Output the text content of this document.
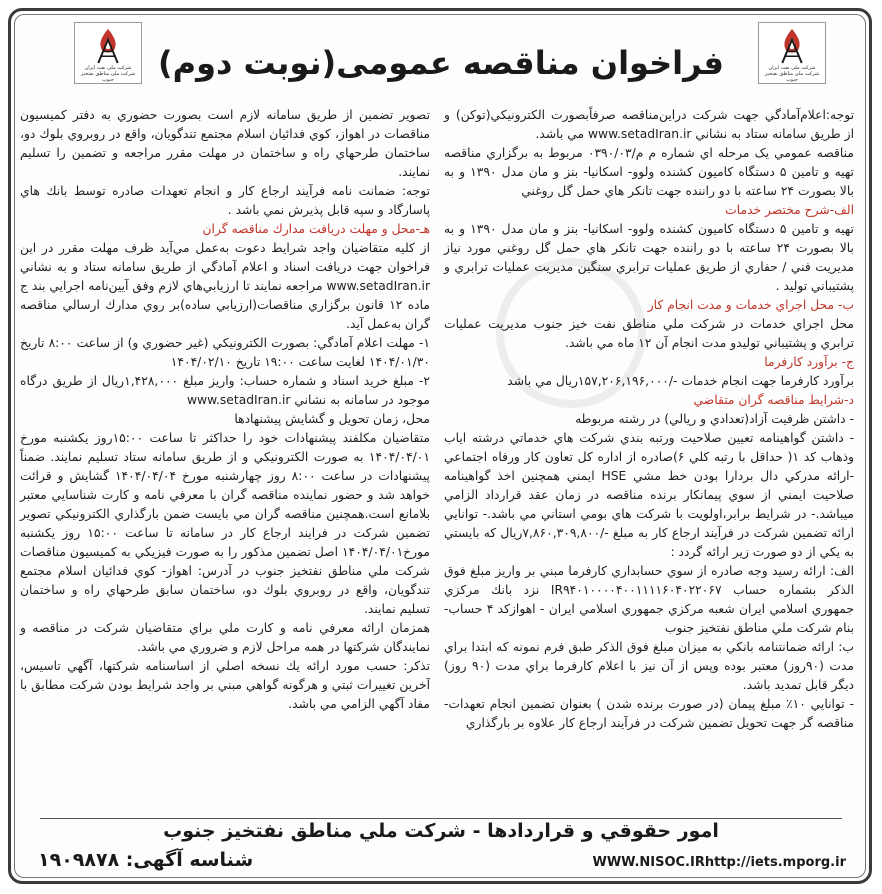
شرکت ملی نفت ایران
شرکت ملی مناطق نفتخیز جنوب
شرکت ملی نفت ایران
شرکت ملی مناطق نفتخیز جنوب	فراخوان مناقصه عمومی(نوبت دوم)

توجه:اعلام‌آمادگي جهت شركت در‌اين‌مناقصه صرفاًبصورت الكترونيكي(توكن) و از طريق سامانه ستاد به نشاني www.setadIran.ir مي باشد.

مناقصه عمومي يک مرحله اي شماره م م/۰۳۹۰/۰۳ مربوط به برگزاري مناقصه تهيه و تامين ۵ دستگاه كاميون كشنده ولوو- اسكانيا- بنز و مان مدل ۱۳۹۰ و به بالا بصورت ۲۴ ساعته با دو راننده جهت تانكر هاي حمل گل روغني

الف-شرح مختصر خدمات

تهيه و تامين ۵ دستگاه كاميون كشنده ولوو- اسكانيا- بنز و مان مدل ۱۳۹۰ و به بالا بصورت ۲۴ ساعته با دو راننده جهت تانكر هاي حمل گل روغني مورد نياز مديريت فني / حفاري از طريق عمليات ترابري سنگين مديريت عمليات ترابري و پشتيباني توليد .

ب- محل اجراي خدمات و مدت انجام كار

محل اجراي خدمات در شركت ملي مناطق نفت خيز جنوب مديريت عمليات ترابري و پشتيباني توليدو مدت انجام آن ۱۲ ماه مي باشد.

ج- برآورد كارفرما

برآورد كارفرما جهت انجام خدمات -/۱۵۷,۲۰۶,۱۹۶,۰۰۰ريال مي باشد

د-شرايط مناقصه گران متقاضي

- داشتن ظرفيت آزاد(تعدادي و ريالي) در رشته مربوطه

- داشتن گواهينامه تعيين صلاحيت ورتبه بندي شركت هاي خدماتي درشته اياب وذهاب كد ۱( حداقل با رتبه كلي ۶)صادره از اداره كل تعاون كار ورفاه اجتماعي -ارائه مدركي دال بردارا بودن خط مشي HSE ايمني همچنين اخذ گواهينامه صلاحيت ايمني از سوي پيمانكار برنده مناقصه در زمان عقد قرارداد الزامي ميباشد.- در شرايط برابر،اولويت با شركت هاي بومي استاني مي باشد.- توانايي ارائه تضمين شركت در فرآيند ارجاع كار به مبلغ -/۷,۸۶۰,۳۰۹,۸۰۰ريال كه بايستي به يكي از دو صورت زير ارائه گردد :

الف: ارائه رسيد وجه صادره از سوي حسابداري كارفرما مبني بر واريز مبلغ فوق الذكر بشماره حساب IR۹۴۰۱۰۰۰۰۴۰۰۱۱۱۱۶۰۴۰۲۲۰۶۷ نزد بانك مركزي جمهوري اسلامي ايران شعبه مركزي جمهوري اسلامي ايران - اهوازكد ۴ حساب- بنام شركت ملي مناطق نفتخيز جنوب

ب: ارائه ضمانتنامه بانكي به ميزان مبلغ فوق الذكر طبق فرم نمونه كه ابتدا براي مدت (۹۰روز) معتبر بوده وپس از آن نيز با اعلام كارفرما براي مدت (۹۰ روز) ديگر قابل تمديد باشد.

- توانايي ۱۰٪ مبلغ پيمان (در صورت برنده شدن ) بعنوان تضمين انجام تعهدات- مناقصه گر جهت تحويل تضمين شركت در فرآيند ارجاع كار علاوه بر بارگذاري

تصوير تضمين از طريق سامانه لازم است بصورت حضوري به دفتر كميسيون مناقصات در اهواز، كوي فدائيان اسلام مجتمع تندگويان، واقع در روبروي بلوك دو، ساختمان طرحهاي راه و ساختمان در مهلت مقرر مراجعه و تضمين را تسليم نمايند.

توجه: ضمانت نامه فرآيند ارجاع كار و انجام تعهدات صادره توسط بانك هاي پاسارگاد و سپه قابل پذيرش نمي باشد .

هـ-محل و مهلت دريافت مدارك مناقصه گران

از كليه متقاضيان واجد شرايط دعوت به‌عمل مي‌آيد ظرف مهلت مقرر در اين فراخوان جهت دريافت اسناد و اعلام آمادگي از طريق سامانه ستاد و به نشاني www.setadIran.ir مراجعه نمايند تا ارزيابي‌هاي لازم وفق آيين‌نامه اجرايي بند ج ماده ۱۲ قانون برگزاري مناقصات(ارزيابي ساده)بر روي مدارك ارسالي مناقصه گران به‌عمل آيد.

۱- مهلت اعلام آمادگي: بصورت الكترونيكي (غير حضوري و) از ساعت ۸:۰۰ تاريخ ۱۴۰۴/۰۱/۳۰ لغايت ساعت ۱۹:۰۰ تاريخ ۱۴۰۴/۰۲/۱۰

۲- مبلغ خريد اسناد و شماره حساب: واريز مبلغ ۱,۴۲۸,۰۰۰ريال از طريق درگاه موجود در سامانه به نشاني www.setadIran.ir

محل، زمان تحويل و گشايش پيشنهادها

متقاضيان مكلفند پيشنهادات خود را حداكثر تا ساعت ۱۵:۰۰روز يكشنبه مورخ ۱۴۰۴/۰۴/۰۱ به صورت الكترونيكي و از طريق سامانه ستاد تسليم نمايند. ضمناً پيشنهادات در ساعت ۸:۰۰ روز چهارشنبه مورخ ۱۴۰۴/۰۴/۰۴ گشايش و قرائت خواهد شد و حضور نماينده مناقصه گران با معرفي نامه و كارت شناسايي معتبر بلامانع است.همچنين مناقصه گران مي بايست ضمن بارگذاري الكترونيكي تصوير تضمين شركت در فرايند ارجاع كار در سامانه تا ساعت ۱۵:۰۰ روز يكشنبه مورخ۱۴۰۴/۰۴/۰۱ اصل تضمين مذكور را به صورت فيزيكي به كميسيون مناقصات شركت ملي مناطق نفتخيز جنوب در آدرس: اهواز- كوي فدائيان اسلام مجتمع تندگويان، واقع در روبروي بلوك دو، ساختمان سابق طرحهاي راه و ساختمان تسليم نمايند.

همزمان ارائه معرفي نامه و كارت ملي براي متقاضيان شركت در مناقصه و نمايندگان شركتها در همه مراحل لازم و ضروري مي باشد.

تذكر: حسب مورد ارائه يك نسخه اصلي از اساسنامه شركتها، آگهي تاسيس، آخرين تغييرات ثبتي و هرگونه گواهي مبني بر واجد شرايط بودن شركت مطابق با مفاد آگهي الزامي مي باشد.

امور حقوقي و قراردادها - شركت ملي مناطق نفتخيز جنوب
WWW.NISOC.IRhttp://iets.mporg.ir
شناسه آگهی: ۱۹۰۹۸۷۸
